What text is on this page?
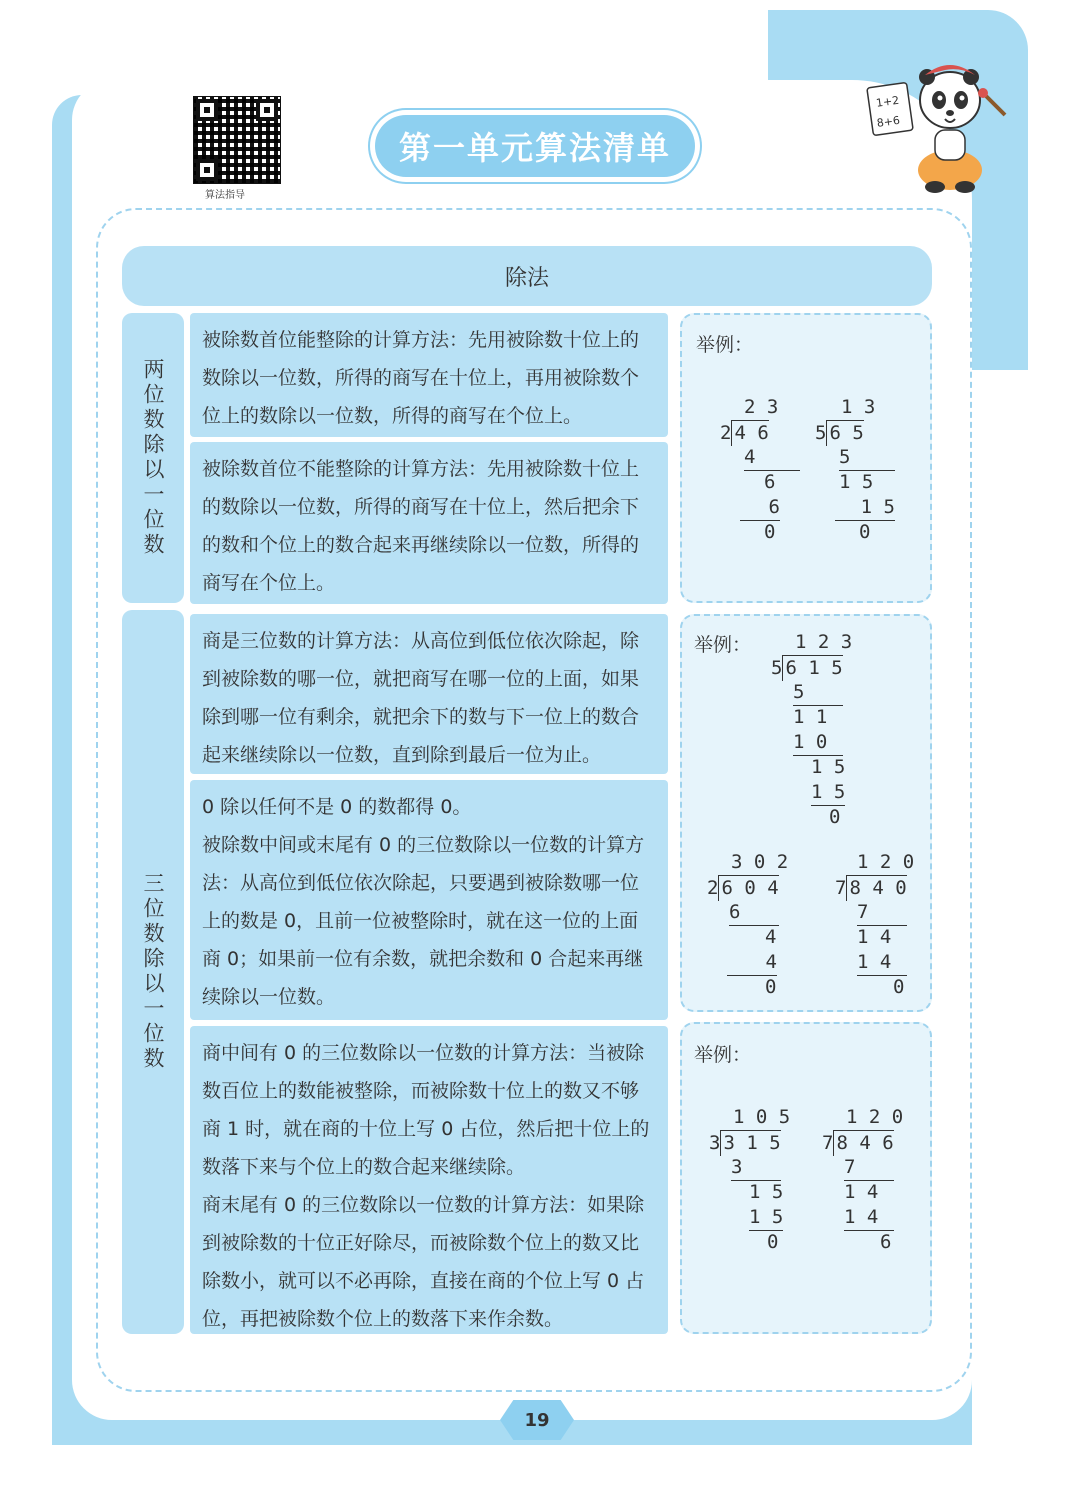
算法指导
第一单元算法清单
1+2
8+6
除法
两位数除以一位数
三位数除以一位数
被除数首位能整除的计算方法：先用被除数十位上的数除以一位数，所得的商写在十位上，再用被除数个位上的数除以一位数，所得的商写在个位上。
被除数首位不能整除的计算方法：先用被除数十位上的数除以一位数，所得的商写在十位上，然后把余下的数和个位上的数合起来再继续除以一位数，所得的商写在个位上。
商是三位数的计算方法：从高位到低位依次除起，除到被除数的哪一位，就把商写在哪一位的上面，如果除到哪一位有剩余，就把余下的数与下一位上的数合起来继续除以一位数，直到除到最后一位为止。
0 除以任何不是 0 的数都得 0。
被除数中间或末尾有 0 的三位数除以一位数的计算方法：从高位到低位依次除起，只要遇到被除数哪一位上的数是 0，且前一位被整除时，就在这一位的上面商 0；如果前一位有余数，就把余数和 0 合起来再继续除以一位数。
商中间有 0 的三位数除以一位数的计算方法：当被除数百位上的数能被整除，而被除数十位上的数又不够商 1 时，就在商的十位上写 0 占位，然后把十位上的数落下来与个位上的数合起来继续除。
商末尾有 0 的三位数除以一位数的计算方法：如果除到被除数的十位正好除尽，而被除数个位上的数又比除数小，就可以不必再除，直接在商的个位上写 0 占位，再把被除数个位上的数落下来作余数。
举例：
举例：
举例：
2 3
2 4 6
4
6
6
0
1 3
5 6 5
5
1 5
1 5
0
1 2 3
5 6 1 5
5
1 1
1 0
1 5
1 5
0
3 0 2
2 6 0 4
6
4
4
0
1 2 0
7 8 4 0
7
1 4
1 4
0
1 0 5
3 3 1 5
3
1 5
1 5
0
1 2 0
7 8 4 6
7
1 4
1 4
6
19
